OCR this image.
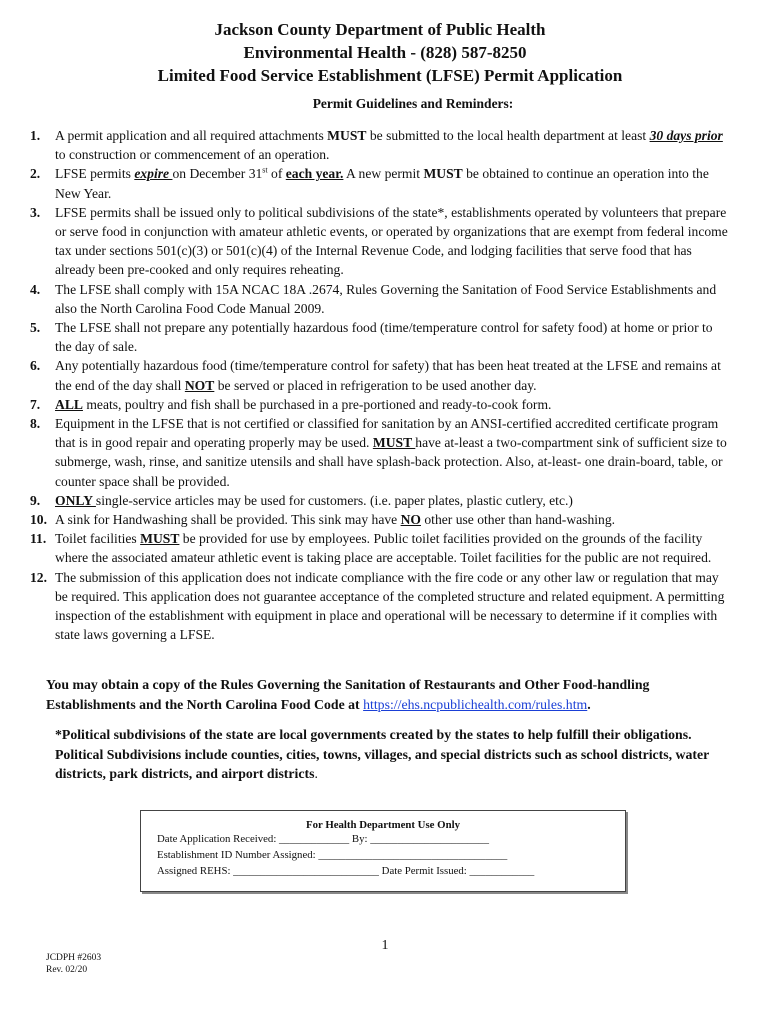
Jackson County Department of Public Health
Environmental Health - (828) 587-8250
Limited Food Service Establishment (LFSE) Permit Application
Permit Guidelines and Reminders:
1.	A permit application and all required attachments MUST be submitted to the local health department at least 30 days prior to construction or commencement of an operation.
2.	LFSE permits expire on December 31st of each year. A new permit MUST be obtained to continue an operation into the New Year.
3.	LFSE permits shall be issued only to political subdivisions of the state*, establishments operated by volunteers that prepare or serve food in conjunction with amateur athletic events, or operated by organizations that are exempt from federal income tax under sections 501(c)(3) or 501(c)(4) of the Internal Revenue Code, and lodging facilities that serve food that has already been pre-cooked and only requires reheating.
4.	The LFSE shall comply with 15A NCAC 18A .2674, Rules Governing the Sanitation of Food Service Establishments and also the North Carolina Food Code Manual 2009.
5.	The LFSE shall not prepare any potentially hazardous food (time/temperature control for safety food) at home or prior to the day of sale.
6.	Any potentially hazardous food (time/temperature control for safety) that has been heat treated at the LFSE and remains at the end of the day shall NOT be served or placed in refrigeration to be used another day.
7.	ALL meats, poultry and fish shall be purchased in a pre-portioned and ready-to-cook form.
8.	Equipment in the LFSE that is not certified or classified for sanitation by an ANSI-certified accredited certificate program that is in good repair and operating properly may be used. MUST have at-least a two-compartment sink of sufficient size to submerge, wash, rinse, and sanitize utensils and shall have splash-back protection. Also, at-least- one drain-board, table, or counter space shall be provided.
9.	ONLY single-service articles may be used for customers. (i.e. paper plates, plastic cutlery, etc.)
10. A sink for Handwashing shall be provided. This sink may have NO other use other than hand-washing.
11. Toilet facilities MUST be provided for use by employees. Public toilet facilities provided on the grounds of the facility where the associated amateur athletic event is taking place are acceptable. Toilet facilities for the public are not required.
12. The submission of this application does not indicate compliance with the fire code or any other law or regulation that may be required. This application does not guarantee acceptance of the completed structure and related equipment. A permitting inspection of the establishment with equipment in place and operational will be necessary to determine if it complies with state laws governing a LFSE.
You may obtain a copy of the Rules Governing the Sanitation of Restaurants and Other Food-handling Establishments and the North Carolina Food Code at https://ehs.ncpublichealth.com/rules.htm.
*Political subdivisions of the state are local governments created by the states to help fulfill their obligations. Political Subdivisions include counties, cities, towns, villages, and special districts such as school districts, water districts, park districts, and airport districts.
For Health Department Use Only
Date Application Received: _____________ By: ______________________
Establishment ID Number Assigned: ___________________________________
Assigned REHS: ___________________________ Date Permit Issued: ____________
1
JCDPH #2603
Rev. 02/20
